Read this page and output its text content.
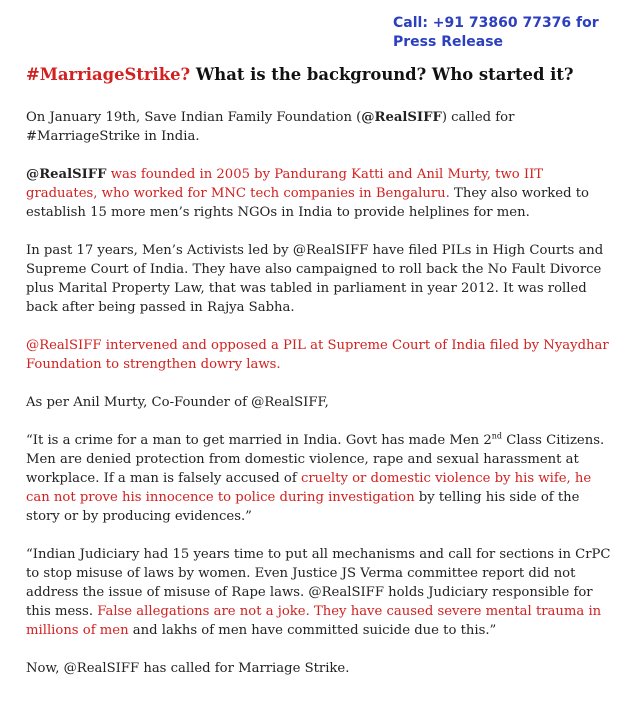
Call: +91 73860 77376 for
Press Release
#MarriageStrike? What is the background? Who started it?

On January 19th, Save Indian Family Foundation (@RealSIFF) called for #MarriageStrike in India.

@RealSIFF was founded in 2005 by Pandurang Katti and Anil Murty, two IIT graduates, who worked for MNC tech companies in Bengaluru. They also worked to establish 15 more men’s rights NGOs in India to provide helplines for men.

In past 17 years, Men’s Activists led by @RealSIFF have filed PILs in High Courts and Supreme Court of India. They have also campaigned to roll back the No Fault Divorce plus Marital Property Law, that was tabled in parliament in year 2012. It was rolled back after being passed in Rajya Sabha.

@RealSIFF intervened and opposed a PIL at Supreme Court of India filed by Nyaydhar Foundation to strengthen dowry laws.

As per Anil Murty, Co-Founder of @RealSIFF,

“It is a crime for a man to get married in India. Govt has made Men 2nd Class Citizens. Men are denied protection from domestic violence, rape and sexual harassment at workplace. If a man is falsely accused of cruelty or domestic violence by his wife, he can not prove his innocence to police during investigation by telling his side of the story or by producing evidences.”

“Indian Judiciary had 15 years time to put all mechanisms and call for sections in CrPC to stop misuse of laws by women. Even Justice JS Verma committee report did not address the issue of misuse of Rape laws. @RealSIFF holds Judiciary responsible for this mess. False allegations are not a joke. They have caused severe mental trauma in millions of men and lakhs of men have committed suicide due to this.”

Now, @RealSIFF has called for Marriage Strike.
